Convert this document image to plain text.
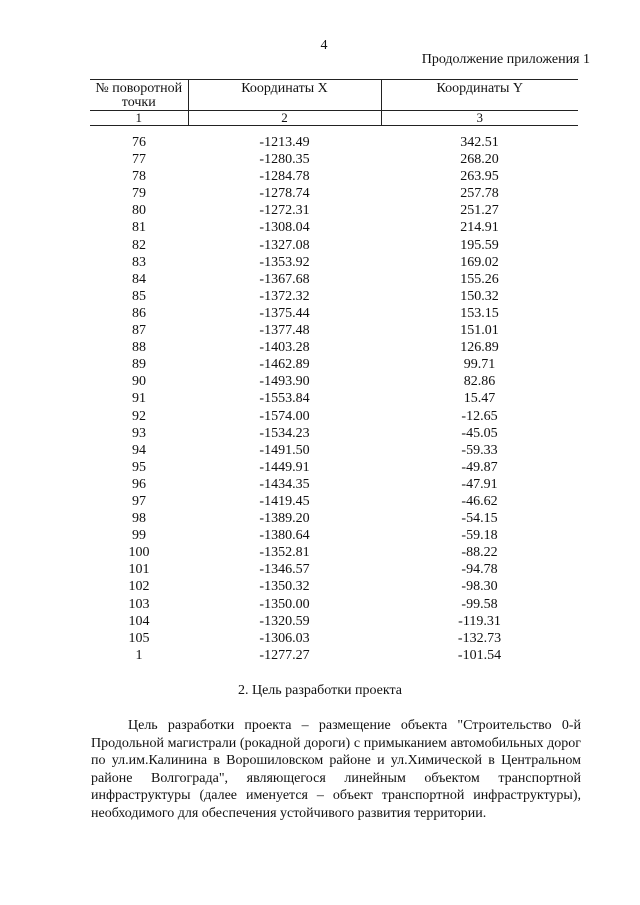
4
Продолжение приложения 1
№ поворотной точки	Координаты X	Координаты Y
1	2	3
76	-1213.49	342.51
77	-1280.35	268.20
78	-1284.78	263.95
79	-1278.74	257.78
80	-1272.31	251.27
81	-1308.04	214.91
82	-1327.08	195.59
83	-1353.92	169.02
84	-1367.68	155.26
85	-1372.32	150.32
86	-1375.44	153.15
87	-1377.48	151.01
88	-1403.28	126.89
89	-1462.89	99.71
90	-1493.90	82.86
91	-1553.84	15.47
92	-1574.00	-12.65
93	-1534.23	-45.05
94	-1491.50	-59.33
95	-1449.91	-49.87
96	-1434.35	-47.91
97	-1419.45	-46.62
98	-1389.20	-54.15
99	-1380.64	-59.18
100	-1352.81	-88.22
101	-1346.57	-94.78
102	-1350.32	-98.30
103	-1350.00	-99.58
104	-1320.59	-119.31
105	-1306.03	-132.73
1	-1277.27	-101.54
2. Цель разработки проекта
Цель разработки проекта – размещение объекта "Строительство 0-й Продольной магистрали (рокадной дороги) с примыканием автомобильных дорог по ул.им.Калинина в Ворошиловском районе и ул.Химической в Центральном районе Волгограда", являющегося линейным объектом транспортной инфраструктуры (далее именуется – объект транспортной инфраструктуры), необходимого для обеспечения устойчивого развития территории.
